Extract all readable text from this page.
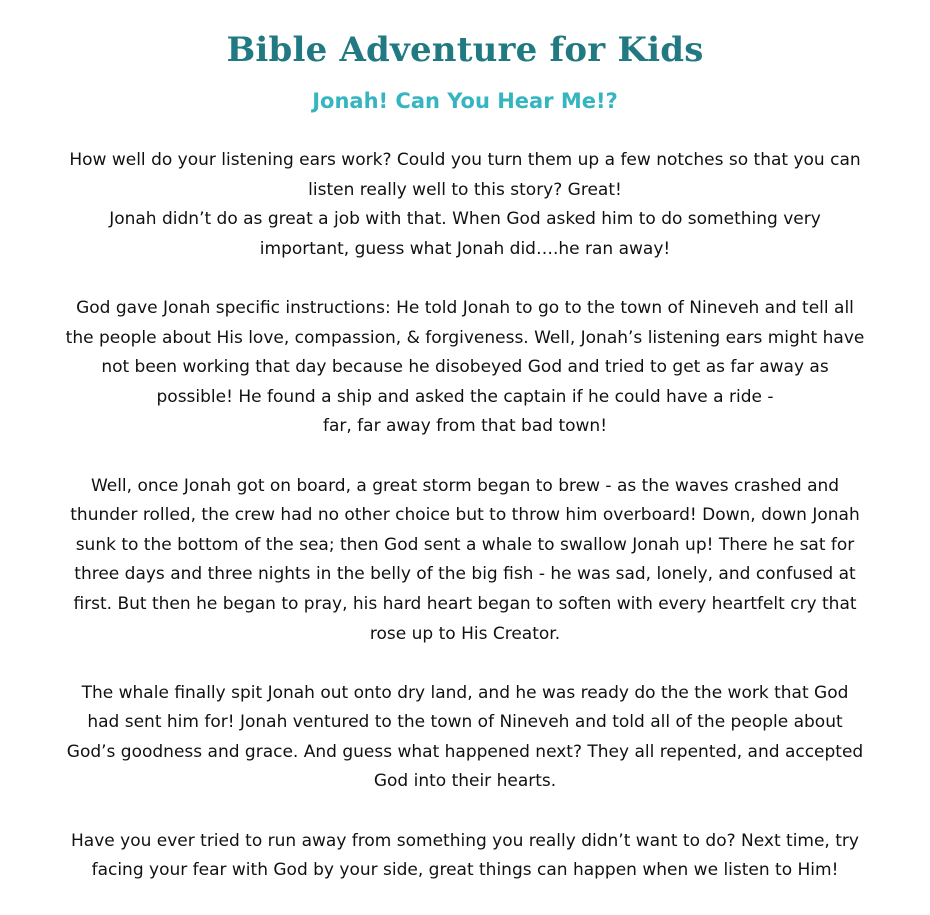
Bible Adventure for Kids
Jonah! Can You Hear Me!?

How well do your listening ears work? Could you turn them up a few notches so that you can
listen really well to this story? Great!
Jonah didn’t do as great a job with that. When God asked him to do something very
important, guess what Jonah did….he ran away!

God gave Jonah specific instructions: He told Jonah to go to the town of Nineveh and tell all
the people about His love, compassion, & forgiveness. Well, Jonah’s listening ears might have
not been working that day because he disobeyed God and tried to get as far away as
possible! He found a ship and asked the captain if he could have a ride -
far, far away from that bad town!

Well, once Jonah got on board, a great storm began to brew - as the waves crashed and
thunder rolled, the crew had no other choice but to throw him overboard! Down, down Jonah
sunk to the bottom of the sea; then God sent a whale to swallow Jonah up! There he sat for
three days and three nights in the belly of the big fish - he was sad, lonely, and confused at
first. But then he began to pray, his hard heart began to soften with every heartfelt cry that
rose up to His Creator.

The whale finally spit Jonah out onto dry land, and he was ready do the the work that God
had sent him for! Jonah ventured to the town of Nineveh and told all of the people about
God’s goodness and grace. And guess what happened next? They all repented, and accepted
God into their hearts.

Have you ever tried to run away from something you really didn’t want to do? Next time, try
facing your fear with God by your side, great things can happen when we listen to Him!
